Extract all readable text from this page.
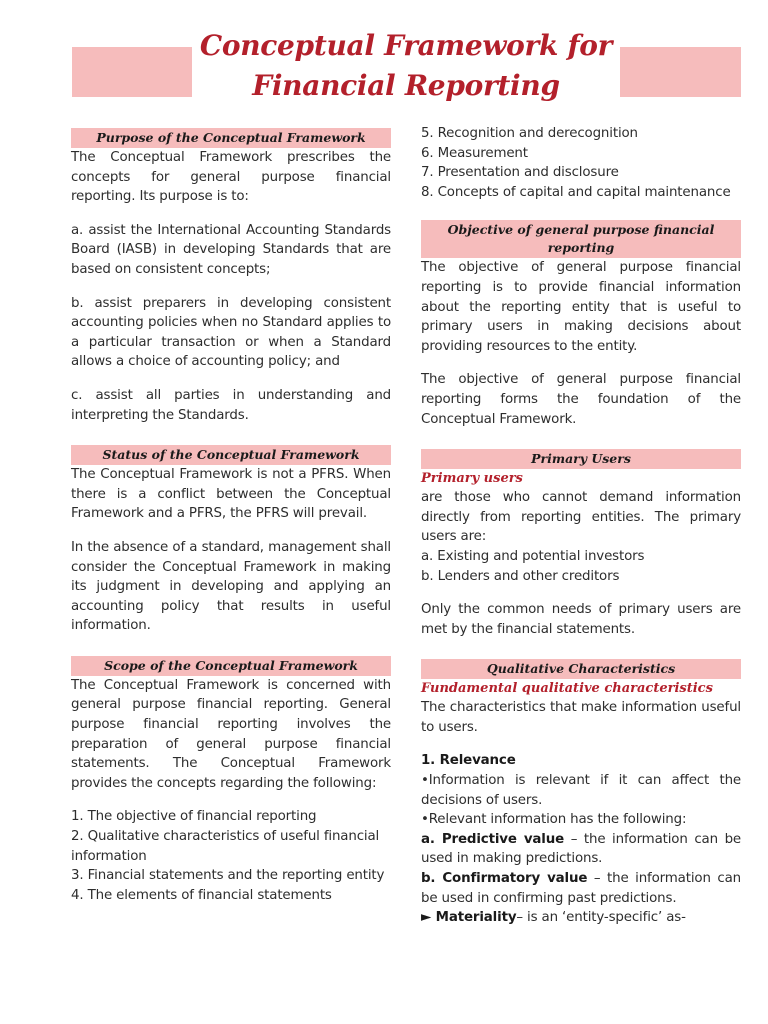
Conceptual Framework for
Financial Reporting
Purpose of the Conceptual Framework

The Conceptual Framework prescribes the concepts for general purpose financial reporting. Its purpose is to:

a. assist the International Accounting Standards Board (IASB) in developing Standards that are based on consistent concepts;

b. assist preparers in developing consistent accounting policies when no Standard applies to a particular transaction or when a Standard allows a choice of accounting policy; and

c. assist all parties in understanding and interpreting the Standards.

Status of the Conceptual Framework

The Conceptual Framework is not a PFRS. When there is a conflict between the Conceptual Framework and a PFRS, the PFRS will prevail.

In the absence of a standard, management shall consider the Conceptual Framework in making its judgment in developing and applying an accounting policy that results in useful information.

Scope of the Conceptual Framework

The Conceptual Framework is concerned with general purpose financial reporting. General purpose financial reporting involves the preparation of general purpose financial statements. The Conceptual Framework provides the concepts regarding the following:

1. The objective of financial reporting

2. Qualitative characteristics of useful financial information

3. Financial statements and the reporting entity

4. The elements of financial statements

5. Recognition and derecognition

6. Measurement

7. Presentation and disclosure

8. Concepts of capital and capital maintenance

Objective of general purpose financial reporting

The objective of general purpose financial reporting is to provide financial information about the reporting entity that is useful to primary users in making decisions about providing resources to the entity.

The objective of general purpose financial reporting forms the foundation of the Conceptual Framework.

Primary Users
Primary users

are those who cannot demand information directly from reporting entities. The primary users are:

a. Existing and potential investors

b. Lenders and other creditors

Only the common needs of primary users are met by the financial statements.

Qualitative Characteristics
Fundamental qualitative characteristics

The characteristics that make information useful to users.

1. Relevance

•Information is relevant if it can affect the decisions of users.

•Relevant information has the following:

a. Predictive value – the information can be used in making predictions.

b. Confirmatory value – the information can be used in confirming past predictions.

► Materiality– is an ‘entity-specific’ as-
